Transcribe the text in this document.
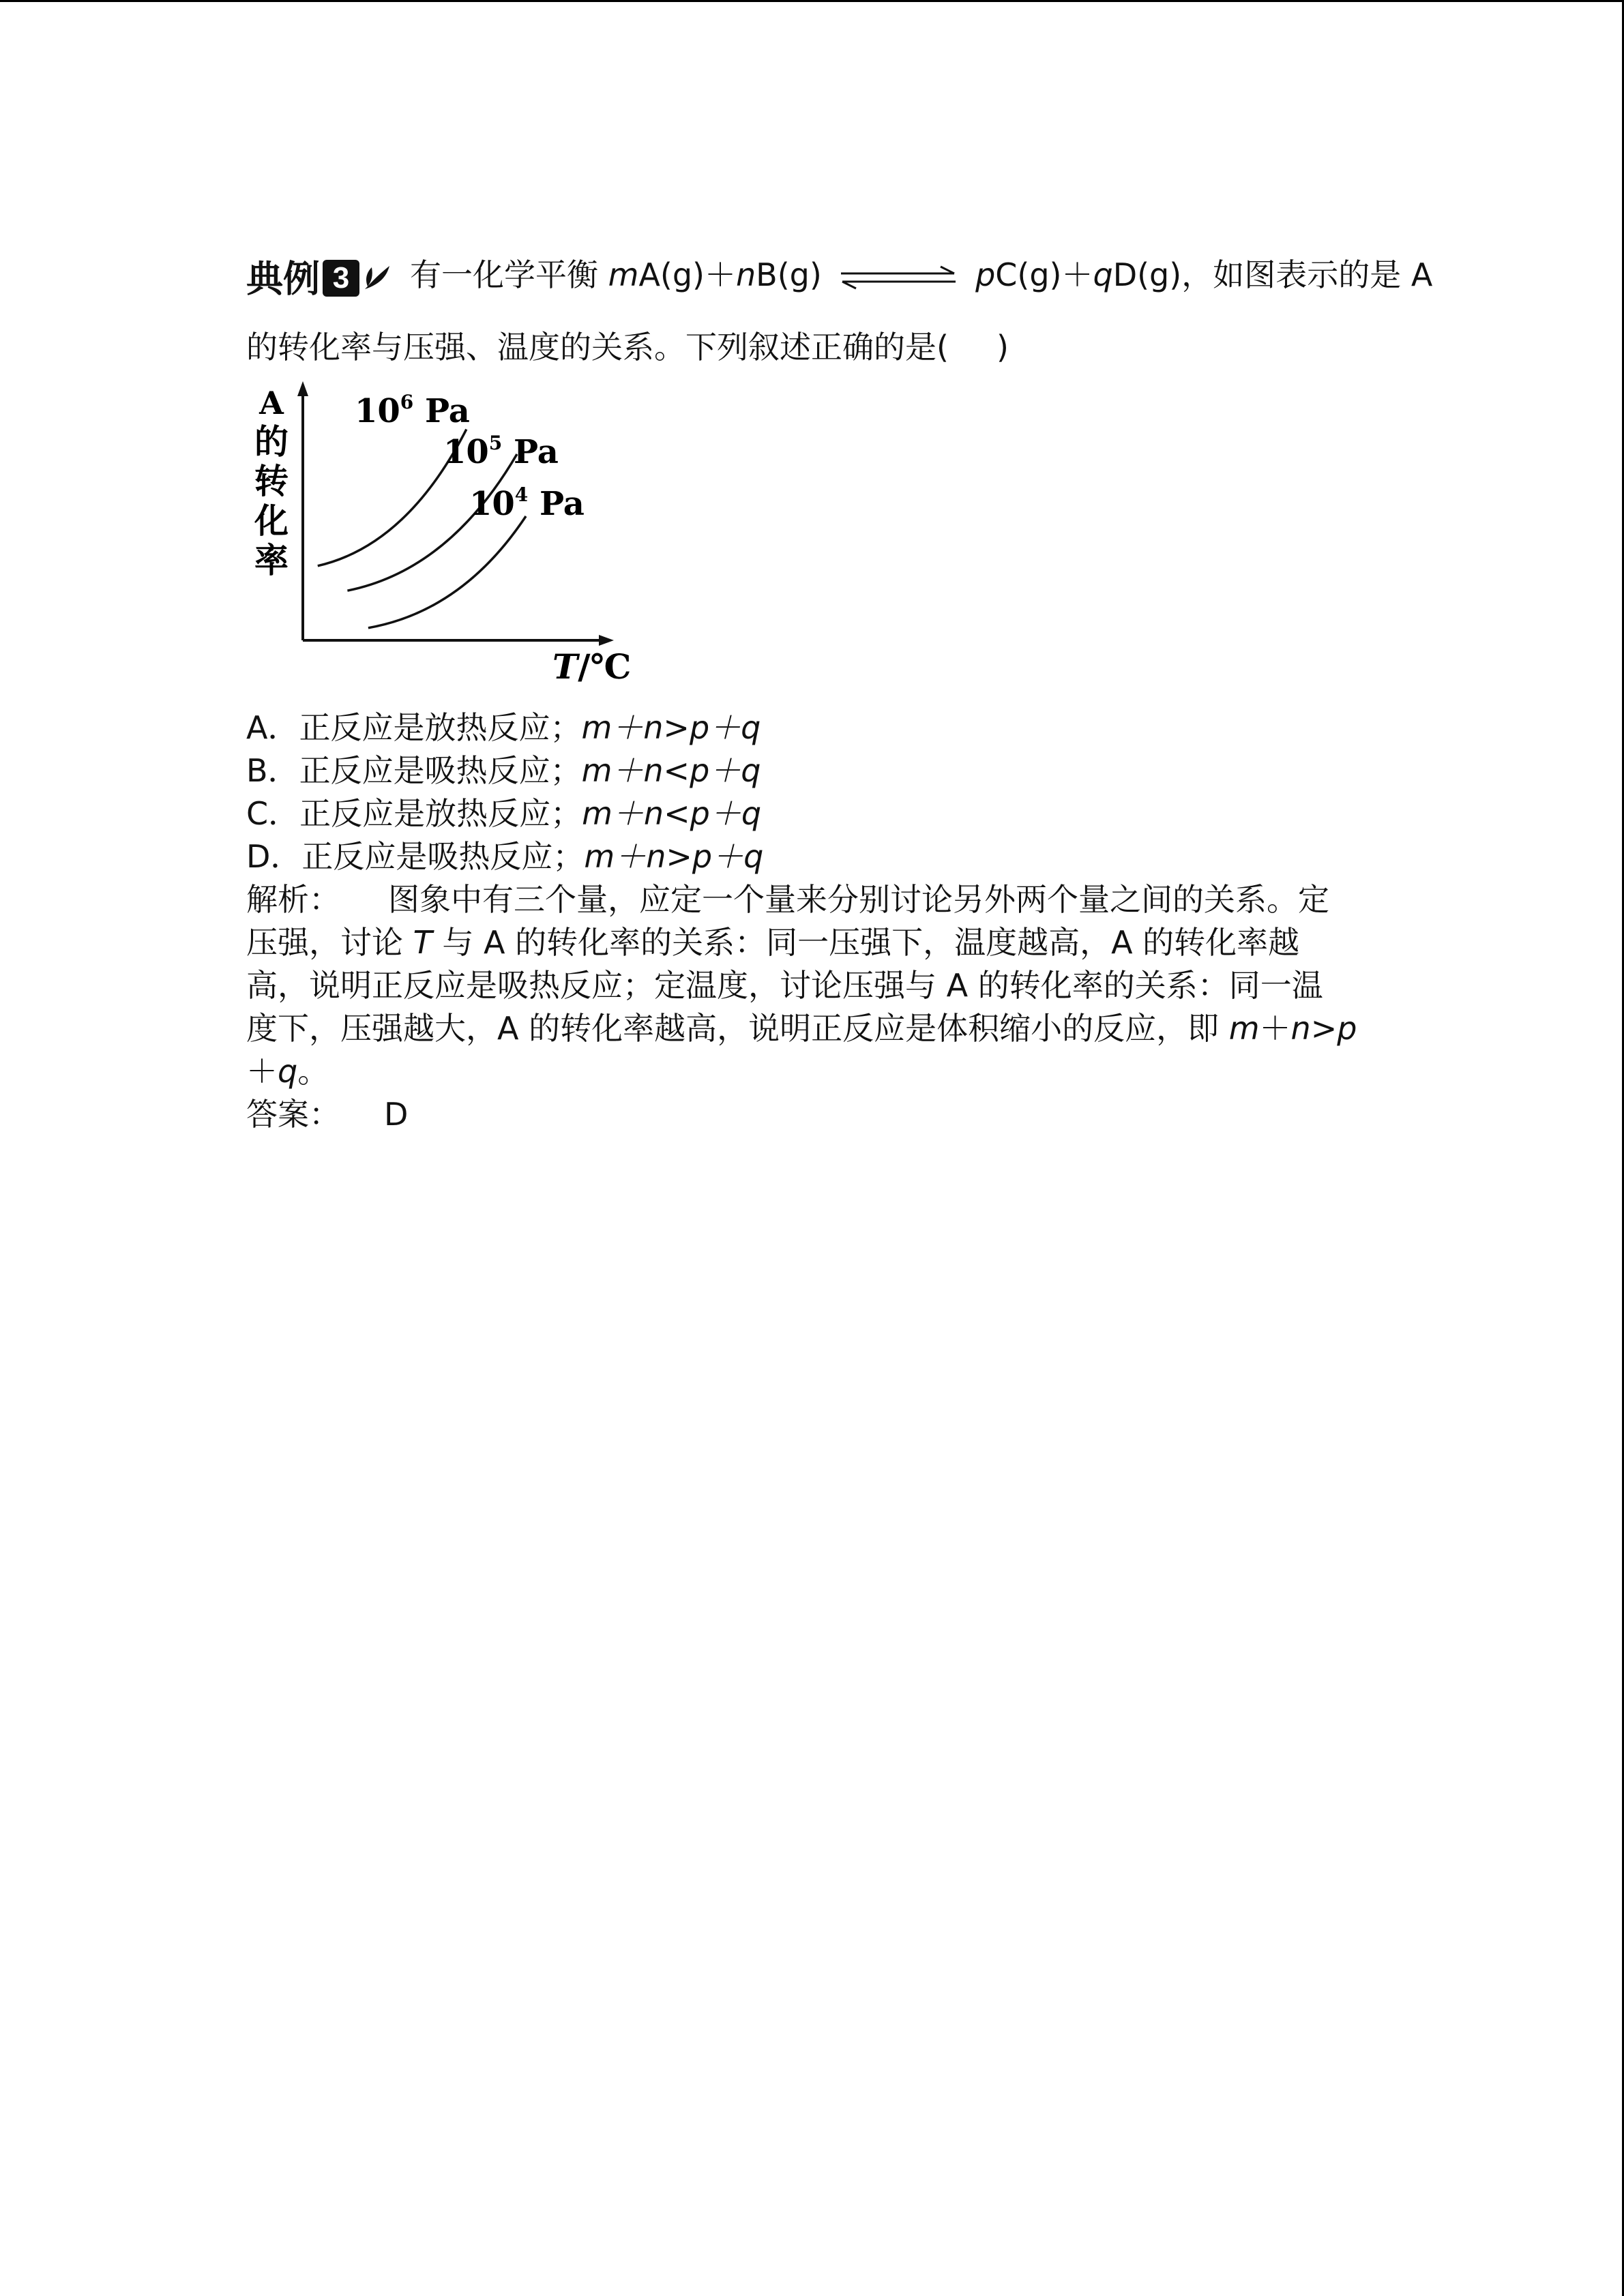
典例 3 有一化学平衡 mA(g)＋nB(g) ⇌ pC(g)＋qD(g)，如图表示的是 A
的转化率与压强、温度的关系。下列叙述正确的是( )
A
的
转
化
率
T/℃
$10^6$ Pa
$10^5$ Pa
$10^4$ Pa
A．正反应是放热反应；m＋n>p＋q
B．正反应是吸热反应；m＋n<p＋q
C．正反应是放热反应；m＋n<p＋q
D．正反应是吸热反应；m＋n>p＋q
解析： 图象中有三个量，应定一个量来分别讨论另外两个量之间的关系。定
压强，讨论 T 与 A 的转化率的关系：同一压强下，温度越高，A 的转化率越
高，说明正反应是吸热反应；定温度，讨论压强与 A 的转化率的关系：同一温
度下，压强越大，A 的转化率越高，说明正反应是体积缩小的反应，即 m＋n>p
＋q。
答案： D
